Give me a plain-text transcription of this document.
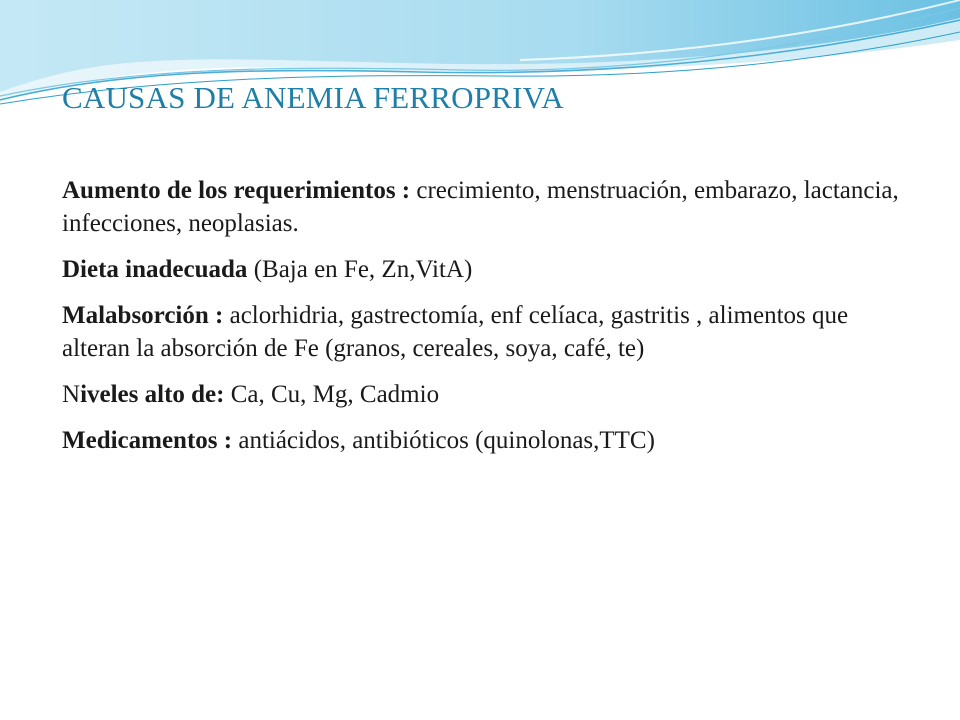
CAUSAS DE ANEMIA FERROPRIVA

Aumento de los requerimientos : crecimiento, menstruación, embarazo, lactancia, infecciones, neoplasias.

Dieta inadecuada (Baja en Fe, Zn,VitA)

Malabsorción : aclorhidria, gastrectomía, enf celíaca, gastritis , alimentos que alteran la absorción de Fe (granos, cereales, soya, café, te)

Niveles alto de: Ca, Cu, Mg, Cadmio

Medicamentos : antiácidos, antibióticos (quinolonas,TTC)
